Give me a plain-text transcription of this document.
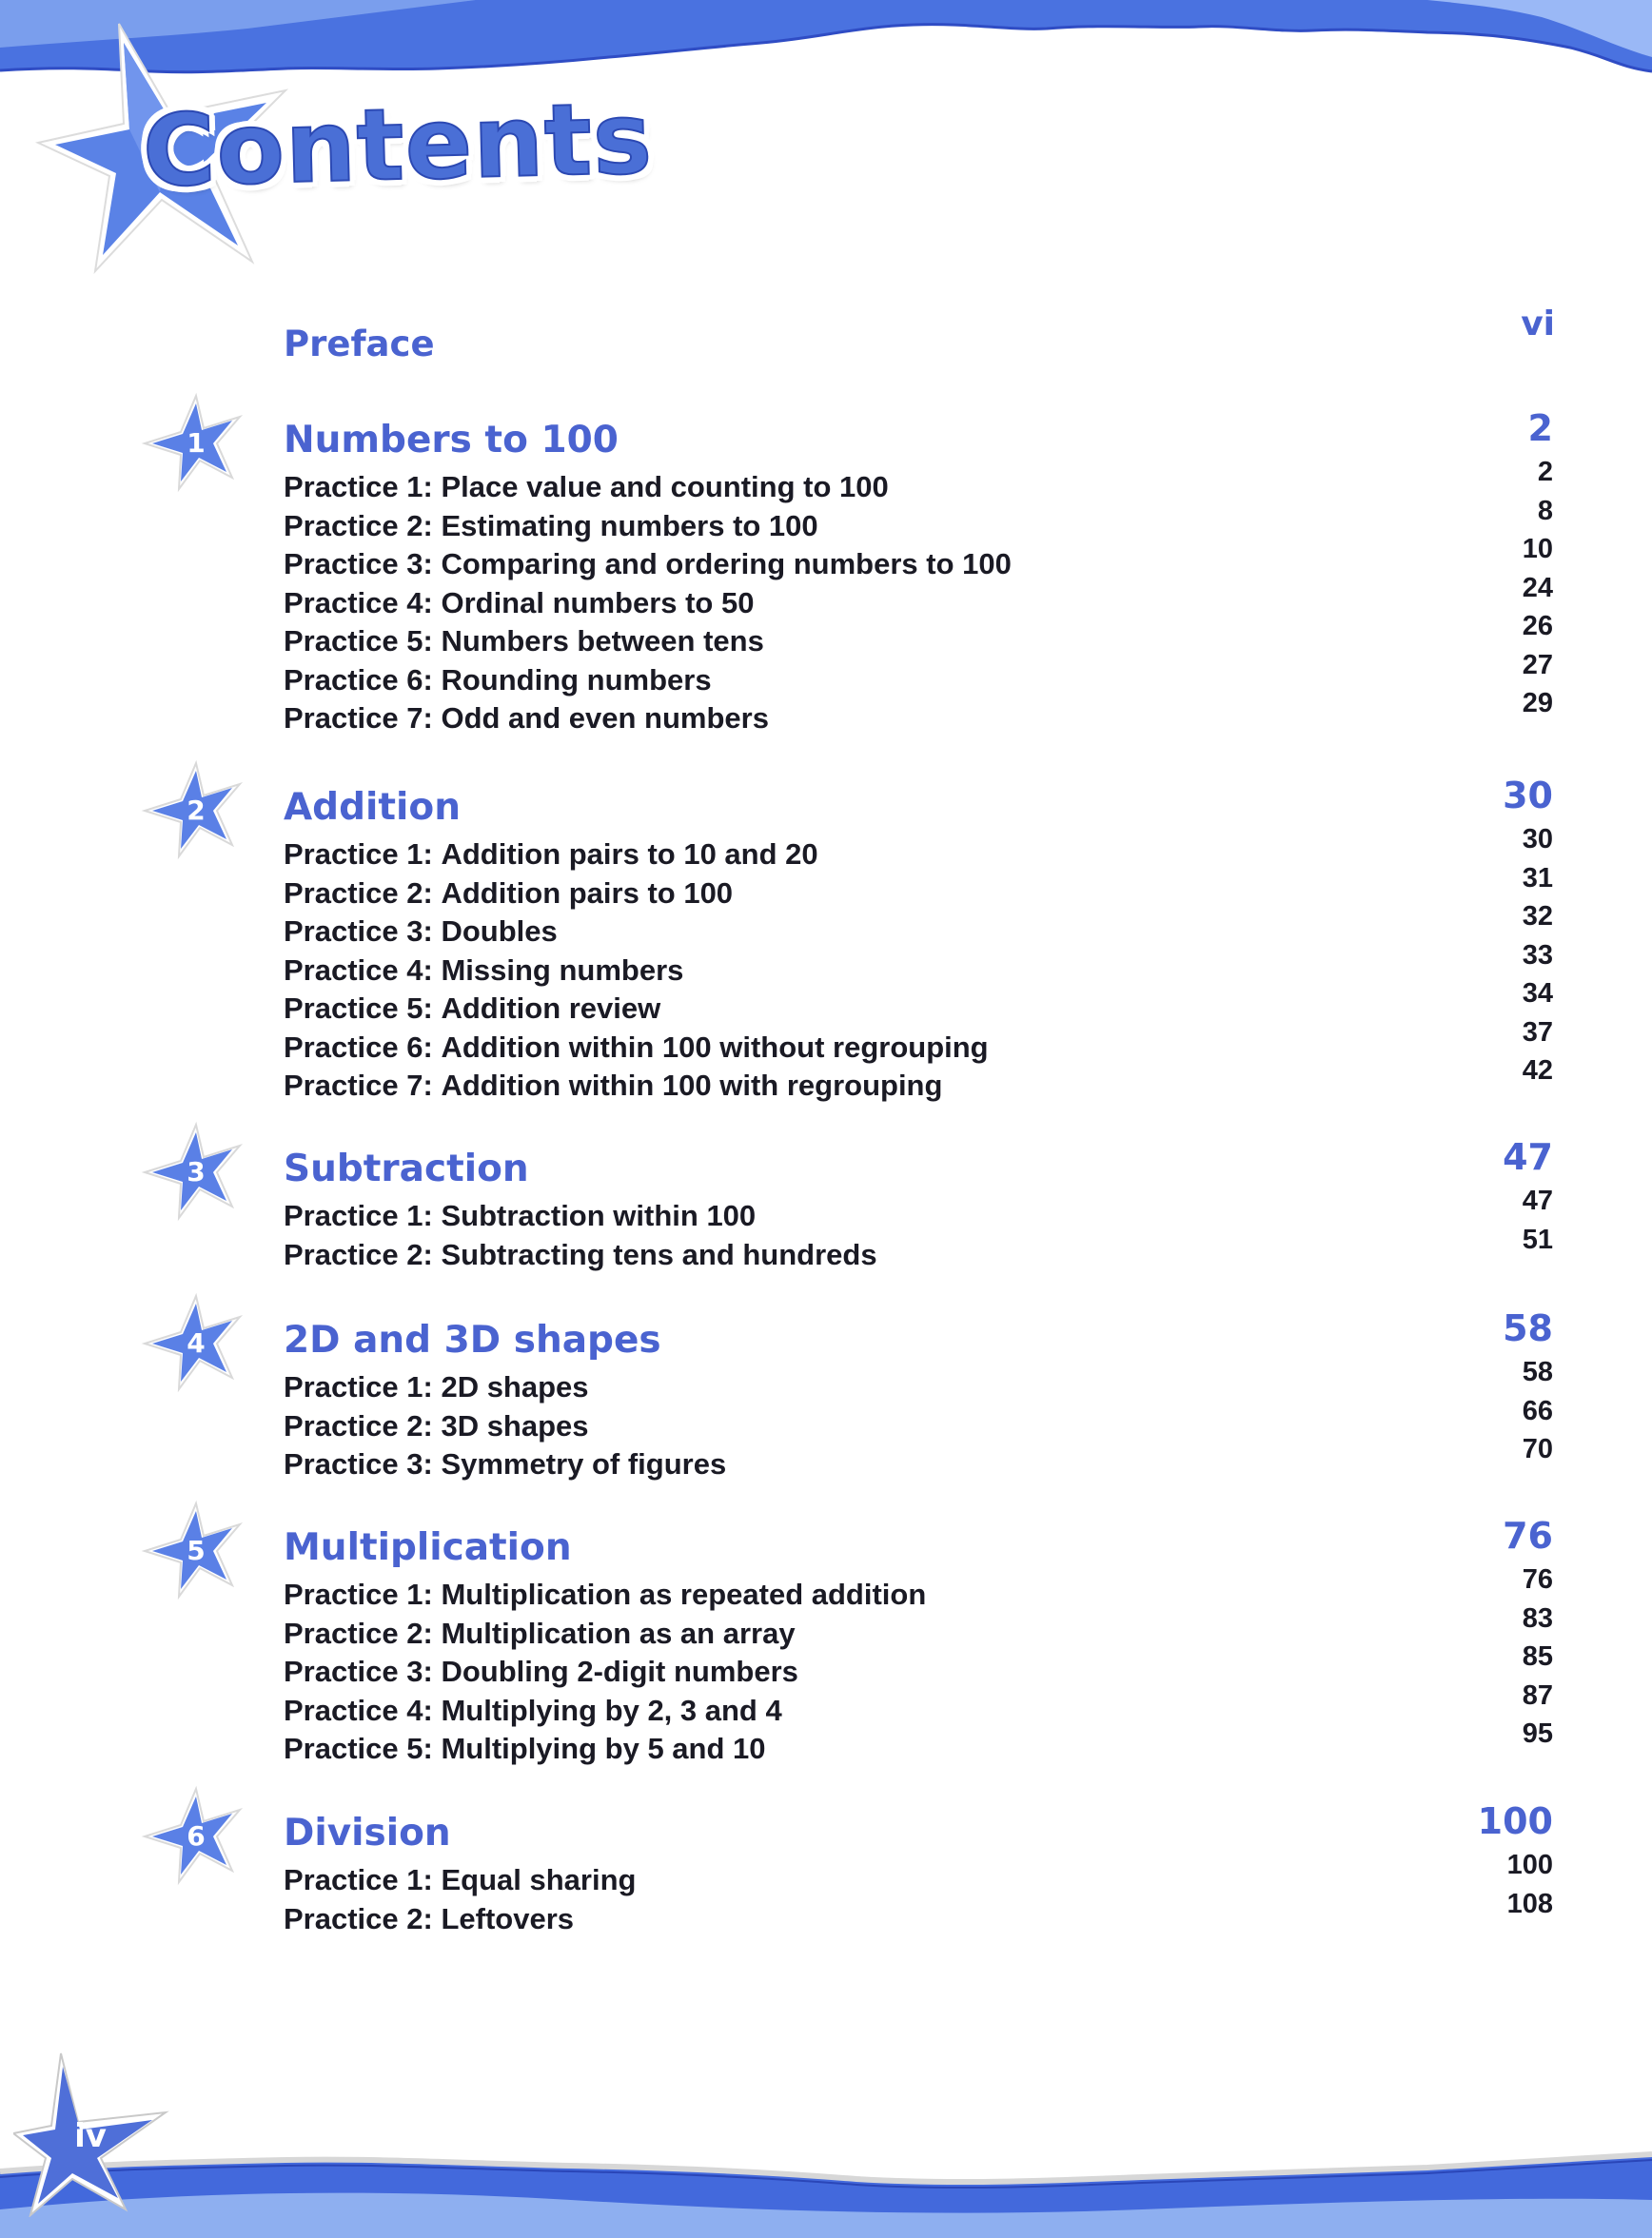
Contents
Preface	vi
1	Numbers to 100	2
Practice 1: Place value and counting to 100	2
Practice 2: Estimating numbers to 100	8
Practice 3: Comparing and ordering numbers to 100	10
Practice 4: Ordinal numbers to 50	24
Practice 5: Numbers between tens	26
Practice 6: Rounding numbers	27
Practice 7: Odd and even numbers	29
2	Addition	30
Practice 1: Addition pairs to 10 and 20	30
Practice 2: Addition pairs to 100	31
Practice 3: Doubles	32
Practice 4: Missing numbers	33
Practice 5: Addition review	34
Practice 6: Addition within 100 without regrouping	37
Practice 7: Addition within 100 with regrouping	42
3	Subtraction	47
Practice 1: Subtraction within 100	47
Practice 2: Subtracting tens and hundreds	51
4	2D and 3D shapes	58
Practice 1: 2D shapes	58
Practice 2: 3D shapes	66
Practice 3: Symmetry of figures	70
5	Multiplication	76
Practice 1: Multiplication as repeated addition	76
Practice 2: Multiplication as an array	83
Practice 3: Doubling 2-digit numbers	85
Practice 4: Multiplying by 2, 3 and 4	87
Practice 5: Multiplying by 5 and 10	95
6	Division	100
Practice 1: Equal sharing	100
Practice 2: Leftovers	108
iv
